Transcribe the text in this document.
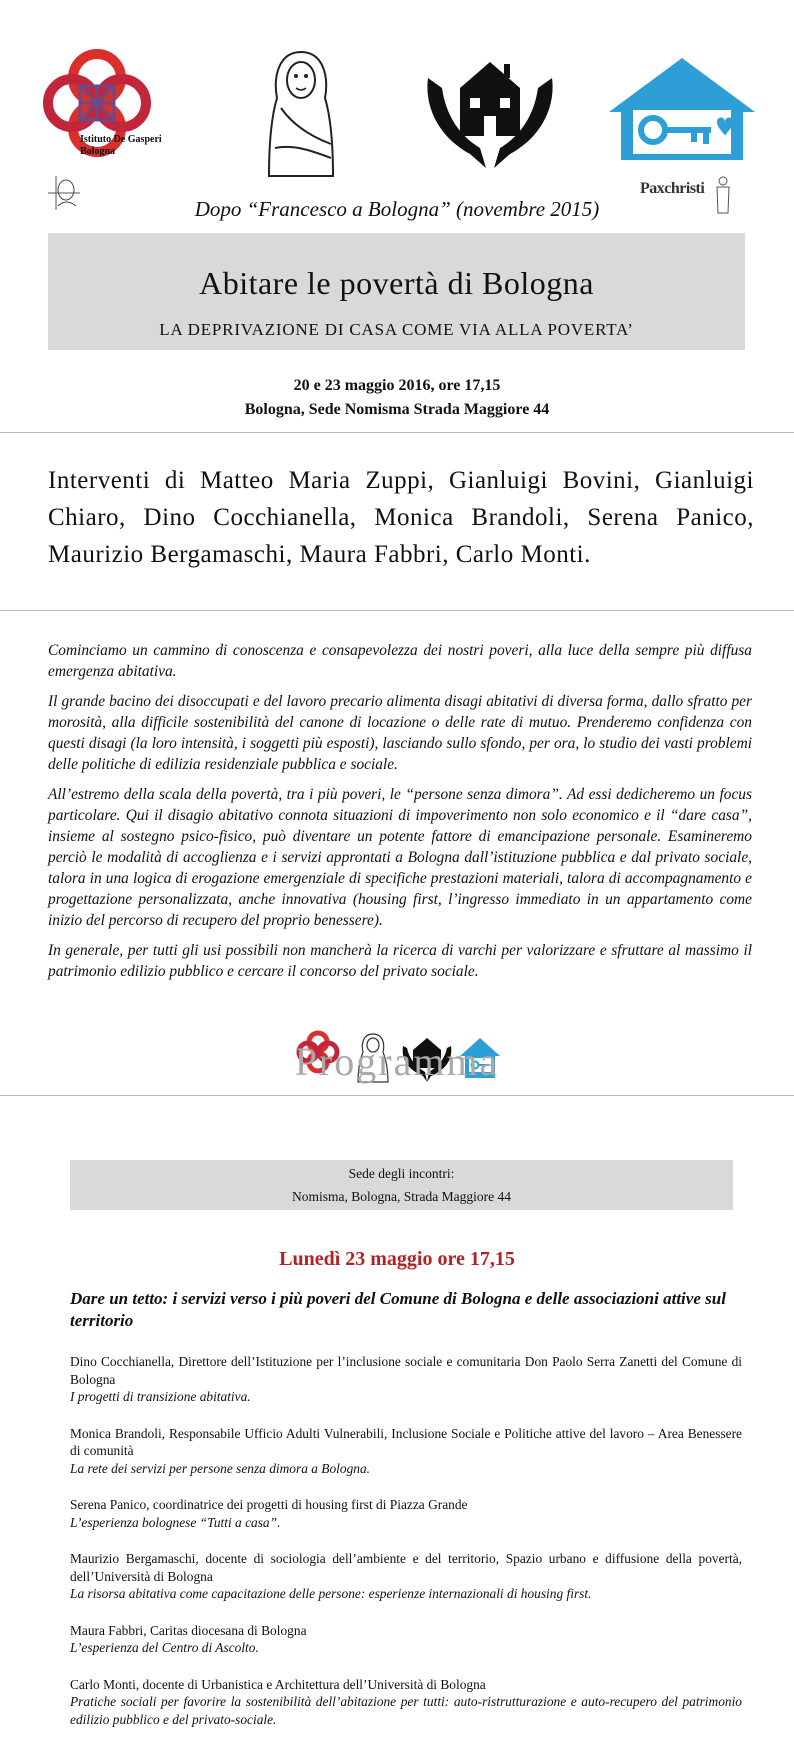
Istituto De Gasperi
Bologna
Paxchristi
Dopo “Francesco a Bologna” (novembre 2015)
Abitare le povertà di Bologna
LA DEPRIVAZIONE DI CASA COME VIA ALLA POVERTA’
20 e 23 maggio 2016, ore 17,15
Bologna, Sede Nomisma Strada Maggiore 44
Interventi di Matteo Maria Zuppi, Gianluigi Bovini, Gianluigi Chiaro, Dino Cocchianella, Monica Brandoli, Serena Panico, Maurizio Bergamaschi, Maura Fabbri, Carlo Monti.

Cominciamo un cammino di conoscenza e consapevolezza dei nostri poveri, alla luce della sempre più diffusa emergenza abitativa.

Il grande bacino dei disoccupati e del lavoro precario alimenta disagi abitativi di diversa forma, dallo sfratto per morosità, alla difficile sostenibilità del canone di locazione o delle rate di mutuo. Prenderemo confidenza con questi disagi (la loro intensità, i soggetti più esposti), lasciando sullo sfondo, per ora, lo studio dei vasti problemi delle politiche di edilizia residenziale pubblica e sociale.

All’estremo della scala della povertà, tra i più poveri, le “persone senza dimora”. Ad essi dedicheremo un focus particolare. Qui il disagio abitativo connota situazioni di impoverimento non solo economico e il “dare casa”, insieme al sostegno psico-fisico, può diventare un potente fattore di emancipazione personale. Esamineremo perciò le modalità di accoglienza e i servizi approntati a Bologna dall’istituzione pubblica e dal privato sociale, talora in una logica di erogazione emergenziale di specifiche prestazioni materiali, talora di accompagnamento e progettazione personalizzata, anche innovativa (housing first, l’ingresso immediato in un appartamento come inizio del percorso di recupero del proprio benessere).

In generale, per tutti gli usi possibili non mancherà la ricerca di varchi per valorizzare e sfruttare al massimo il patrimonio edilizio pubblico e cercare il concorso del privato sociale.

Programma
Sede degli incontri:
Nomisma, Bologna, Strada Maggiore 44
Lunedì 23 maggio ore 17,15
Dare un tetto: i servizi verso i più poveri del Comune di Bologna e delle associazioni attive sul territorio
Dino Cocchianella, Direttore dell’Istituzione per l’inclusione sociale e comunitaria Don Paolo Serra Zanetti del Comune di Bologna
I progetti di transizione abitativa.
Monica Brandoli, Responsabile Ufficio Adulti Vulnerabili, Inclusione Sociale e Politiche attive del lavoro – Area Benessere di comunità
La rete dei servizi per persone senza dimora a Bologna.
Serena Panico, coordinatrice dei progetti di housing first di Piazza Grande
L’esperienza bolognese “Tutti a casa”.
Maurizio Bergamaschi, docente di sociologia dell’ambiente e del territorio, Spazio urbano e diffusione della povertà, dell’Università di Bologna
La risorsa abitativa come capacitazione delle persone: esperienze internazionali di housing first.
Maura Fabbri, Caritas diocesana di Bologna
L’esperienza del Centro di Ascolto.
Carlo Monti, docente di Urbanistica e Architettura dell’Università di Bologna
Pratiche sociali per favorire la sostenibilità dell’abitazione per tutti: auto-ristrutturazione e auto-recupero del patrimonio edilizio pubblico e del privato-sociale.
